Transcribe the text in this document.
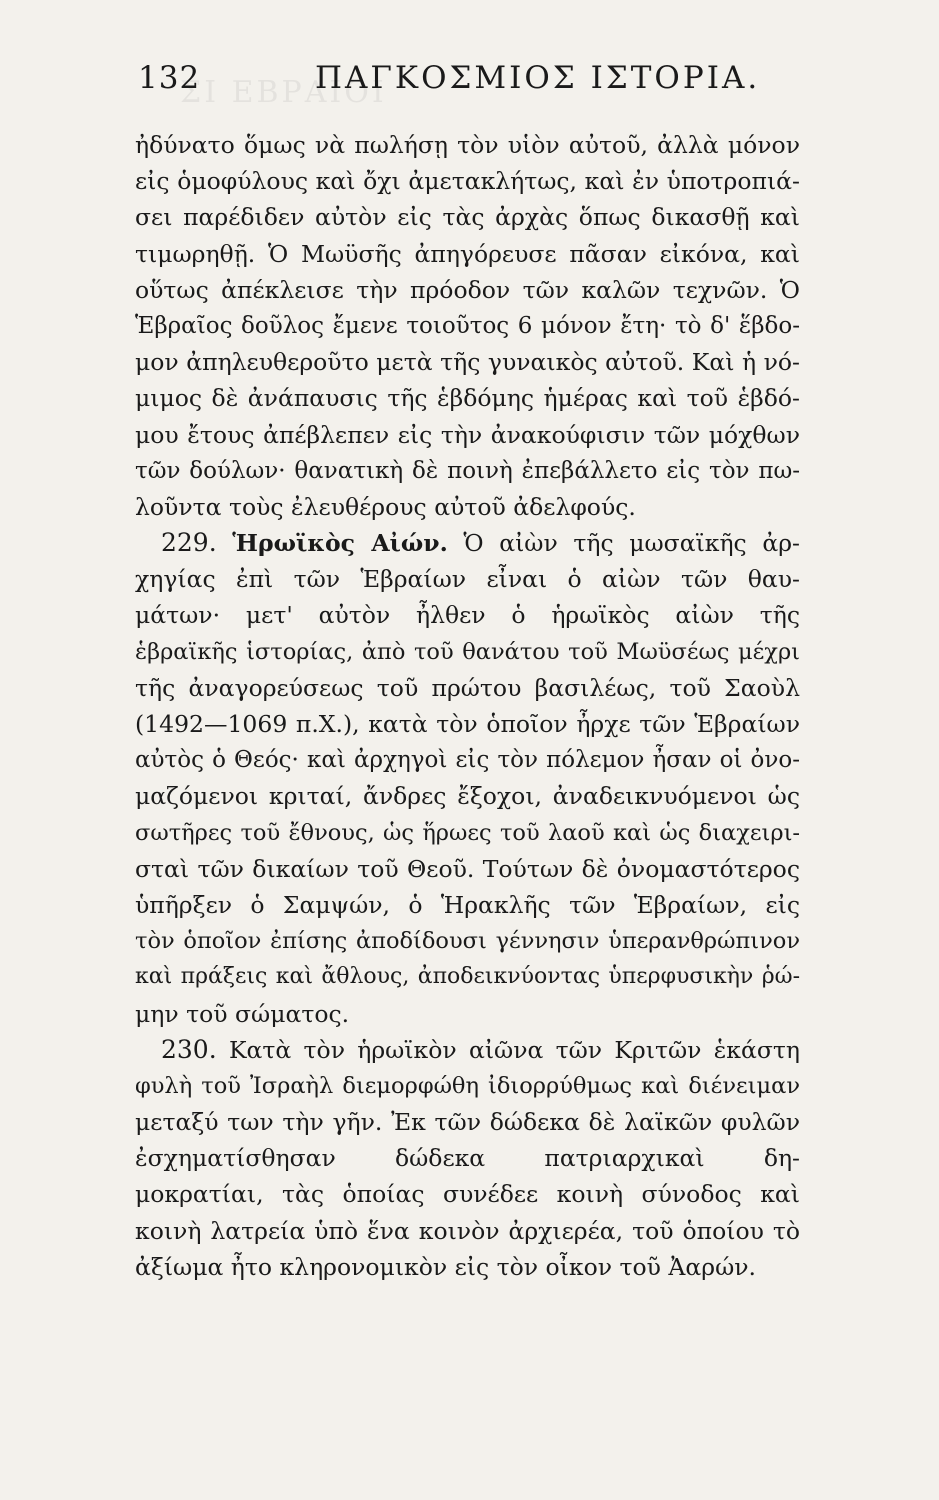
ΣΙ ΕΒΡΑΙΟΙ
132	ΠΑΓΚΟΣΜΙΟΣ ΙΣΤΟΡΙΑ.
ἠδύνατο ὅμως νὰ πωλήσῃ τὸν υἱὸν αὐτοῦ, ἀλλὰ μόνον
εἰς ὁμοφύλους καὶ ὄχι ἀμετακλήτως, καὶ ἐν ὑποτροπιά-
σει παρέδιδεν αὐτὸν εἰς τὰς ἀρχὰς ὅπως δικασθῇ καὶ
τιμωρηθῇ. Ὁ Μωϋσῆς ἀπηγόρευσε πᾶσαν εἰκόνα, καὶ
οὕτως ἀπέκλεισε τὴν πρόοδον τῶν καλῶν τεχνῶν. Ὁ
Ἑβραῖος δοῦλος ἔμενε τοιοῦτος 6 μόνον ἔτη· τὸ δ' ἕβδο-
μον ἀπηλευθεροῦτο μετὰ τῆς γυναικὸς αὐτοῦ. Καὶ ἡ νό-
μιμος δὲ ἀνάπαυσις τῆς ἑβδόμης ἡμέρας καὶ τοῦ ἑβδό-
μου ἔτους ἀπέβλεπεν εἰς τὴν ἀνακούφισιν τῶν μόχθων
τῶν δούλων· θανατικὴ δὲ ποινὴ ἐπεβάλλετο εἰς τὸν πω-
λοῦντα τοὺς ἐλευθέρους αὐτοῦ ἀδελφούς.
229. Ἡρωϊκὸς Αἰών. Ὁ αἰὼν τῆς μωσαϊκῆς ἀρ-
χηγίας ἐπὶ τῶν Ἑβραίων εἶναι ὁ αἰὼν τῶν θαυ-
μάτων· μετ' αὐτὸν ἦλθεν ὁ ἡρωϊκὸς αἰὼν τῆς
ἑβραϊκῆς ἱστορίας, ἀπὸ τοῦ θανάτου τοῦ Μωϋσέως μέχρι
τῆς ἀναγορεύσεως τοῦ πρώτου βασιλέως, τοῦ Σαοὺλ
(1492—1069 π.Χ.), κατὰ τὸν ὁποῖον ἦρχε τῶν Ἑβραίων
αὐτὸς ὁ Θεός· καὶ ἀρχηγοὶ εἰς τὸν πόλεμον ἦσαν οἱ ὀνο-
μαζόμενοι κριταί, ἄνδρες ἔξοχοι, ἀναδεικνυόμενοι ὡς
σωτῆρες τοῦ ἔθνους, ὡς ἥρωες τοῦ λαοῦ καὶ ὡς διαχειρι-
σταὶ τῶν δικαίων τοῦ Θεοῦ. Τούτων δὲ ὀνομαστότερος
ὑπῆρξεν ὁ Σαμψών, ὁ Ἡρακλῆς τῶν Ἑβραίων, εἰς
τὸν ὁποῖον ἐπίσης ἀποδίδουσι γέννησιν ὑπερανθρώπινον
καὶ πράξεις καὶ ἄθλους, ἀποδεικνύοντας ὑπερφυσικὴν ῥώ-
μην τοῦ σώματος.
230. Κατὰ τὸν ἡρωϊκὸν αἰῶνα τῶν Κριτῶν ἑκάστη
φυλὴ τοῦ Ἰσραὴλ διεμορφώθη ἰδιορρύθμως καὶ διένειμαν
μεταξύ των τὴν γῆν. Ἐκ τῶν δώδεκα δὲ λαϊκῶν φυλῶν
ἐσχηματίσθησαν δώδεκα πατριαρχικαὶ δη-
μοκρατίαι, τὰς ὁποίας συνέδεε κοινὴ σύνοδος καὶ
κοινὴ λατρεία ὑπὸ ἕνα κοινὸν ἀρχιερέα, τοῦ ὁποίου τὸ
ἀξίωμα ἦτο κληρονομικὸν εἰς τὸν οἶκον τοῦ Ἀαρών.
